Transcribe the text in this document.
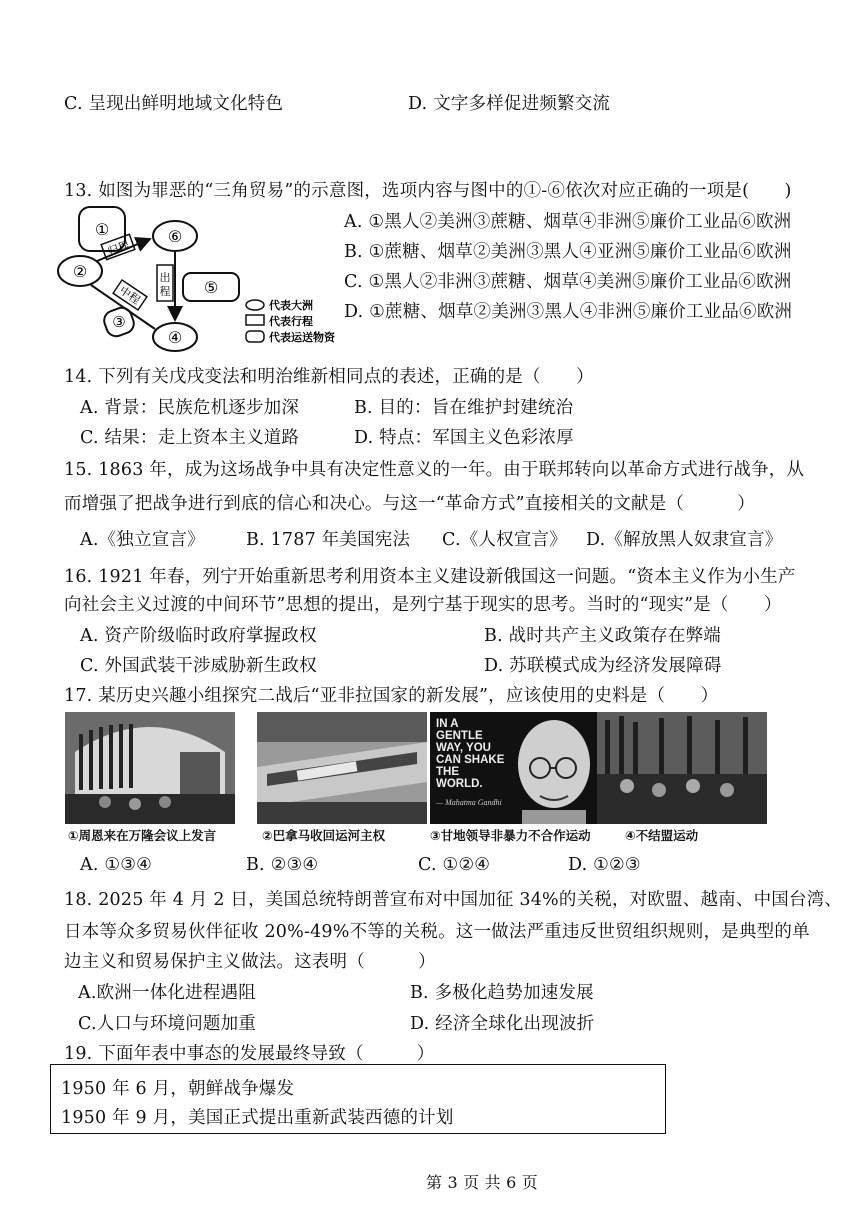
C. 呈现出鲜明地域文化特色	D. 文字多样促进频繁交流
13. 如图为罪恶的“三角贸易”的示意图，选项内容与图中的①-⑥依次对应正确的一项是(　　)
①
②
③
④
⑤
⑥
归程
出程
中程	代表大洲
代表行程
代表运送物资
A. ①黑人②美洲③蔗糖、烟草④非洲⑤廉价工业品⑥欧洲
B. ①蔗糖、烟草②美洲③黑人④亚洲⑤廉价工业品⑥欧洲
C. ①黑人②非洲③蔗糖、烟草④美洲⑤廉价工业品⑥欧洲
D. ①蔗糖、烟草②美洲③黑人④非洲⑤廉价工业品⑥欧洲
14. 下列有关戊戌变法和明治维新相同点的表述，正确的是（　　）
A. 背景：民族危机逐步加深	B. 目的：旨在维护封建统治
C. 结果：走上资本主义道路	D. 特点：军国主义色彩浓厚
15. 1863 年，成为这场战争中具有决定性意义的一年。由于联邦转向以革命方式进行战争，从
而增强了把战争进行到底的信心和决心。与这一“革命方式”直接相关的文献是（　　　）
A.《独立宣言》 B. 1787 年美国宪法 C.《人权宣言》 D.《解放黑人奴隶宣言》
16. 1921 年春，列宁开始重新思考利用资本主义建设新俄国这一问题。“资本主义作为小生产
向社会主义过渡的中间环节”思想的提出，是列宁基于现实的思考。当时的“现实”是（　　）
A. 资产阶级临时政府掌握政权	B. 战时共产主义政策存在弊端
C. 外国武装干涉威胁新生政权	D. 苏联模式成为经济发展障碍
17. 某历史兴趣小组探究二战后“亚非拉国家的新发展”，应该使用的史料是（　　）
IN A GENTLE WAY, YOU CAN SHAKE THE WORLD.
— Mahatma Gandhi
①周恩来在万隆会议上发言	②巴拿马收回运河主权	③甘地领导非暴力不合作运动	④不结盟运动
A. ①③④	B. ②③④	C. ①②④	D. ①②③
18. 2025 年 4 月 2 日，美国总统特朗普宣布对中国加征 34%的关税，对欧盟、越南、中国台湾、
日本等众多贸易伙伴征收 20%-49%不等的关税。这一做法严重违反世贸组织规则，是典型的单
边主义和贸易保护主义做法。这表明（　　　）
A.欧洲一体化进程遇阻	B. 多极化趋势加速发展
C.人口与环境问题加重	D. 经济全球化出现波折
19. 下面年表中事态的发展最终导致（　　　）
1950 年 6 月，朝鲜战争爆发
1950 年 9 月，美国正式提出重新武装西德的计划
第 3 页 共 6 页
